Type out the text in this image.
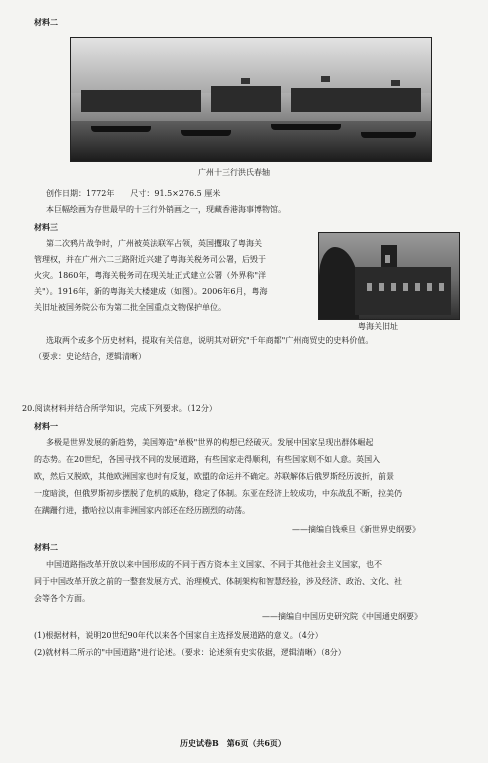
材料二
广州十三行洪氏春轴
创作日期：1772年　　尺寸：91.5×276.5 厘米
本巨幅绘画为存世最早的十三行外销画之一，现藏香港海事博物馆。
材料三
第二次鸦片战争时，广州被英法联军占领，英国攫取了粤海关
管理权，并在广州六二三路附近兴建了粤海关税务司公署，后毁于
火灾。1860年，粤海关税务司在现关址正式建立公署（外界称"洋
关"）。1916年，新的粤海关大楼建成（如图）。2006年6月，粤海
关旧址被国务院公布为第二批全国重点文物保护单位。
粤海关旧址
选取两个或多个历史材料，提取有关信息，说明其对研究"千年商都"广州商贸史的史料价值。
（要求：史论结合，逻辑清晰）
20.阅读材料并结合所学知识，完成下列要求。（12分）
材料一
多极是世界发展的新趋势，美国筹造"单极"世界的构想已经破灭。发展中国家呈现出群体崛起
的态势。在20世纪，各国寻找不同的发展道路，有些国家走得顺利，有些国家则不如人意。英国入
欧，然后又脱欧，其他欧洲国家也时有反复，欧盟的命运并不确定。苏联解体后俄罗斯经历波折，前景
一度暗淡，但俄罗斯初步摆脱了危机的威胁，稳定了体制。东亚在经济上较成功，中东战乱不断，拉美仍
在蹒跚行进，撒哈拉以南非洲国家内部还在经历剧烈的动荡。
——摘编自钱乘旦《新世界史纲要》
材料二
中国道路指改革开放以来中国形成的不同于西方资本主义国家、不同于其他社会主义国家，也不
同于中国改革开放之前的一整套发展方式、治理模式、体制架构和智慧经验，涉及经济、政治、文化、社
会等各个方面。
——摘编自中国历史研究院《中国通史纲要》
(1)根据材料，说明20世纪90年代以来各个国家自主选择发展道路的意义。（4分）
(2)就材料二所示的"中国道路"进行论述。（要求：论述须有史实依据，逻辑清晰）（8分）
历史试卷B　第6页（共6页）
